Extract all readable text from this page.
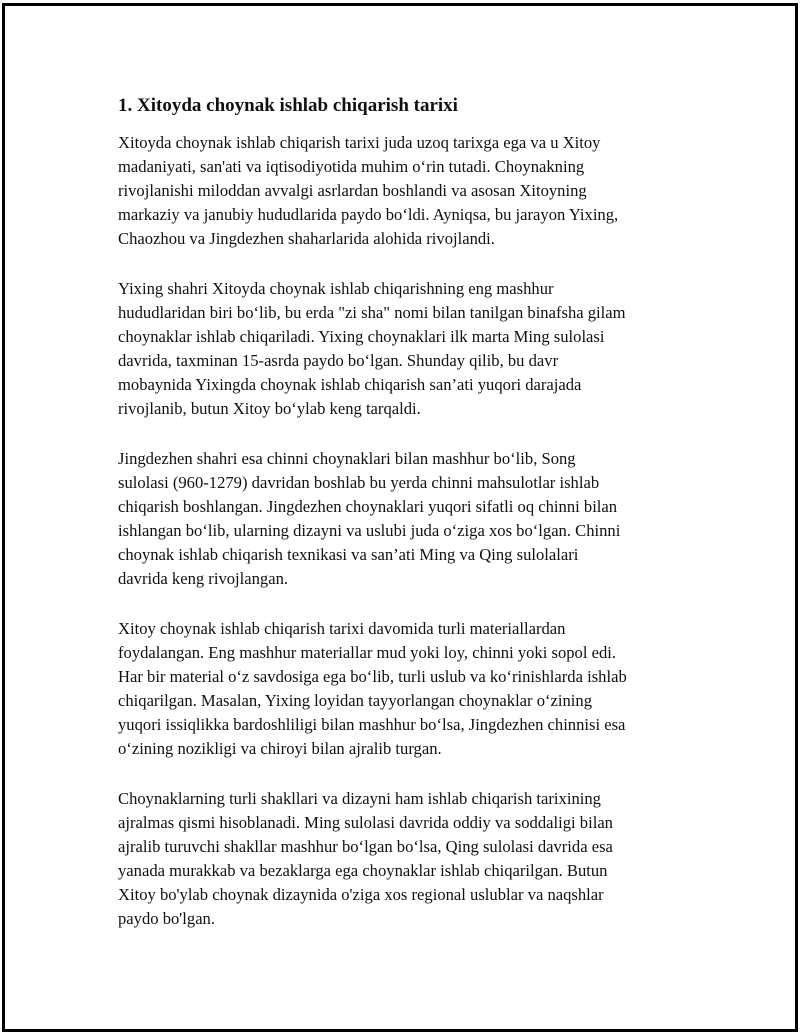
1. Xitoyda choynak ishlab chiqarish tarixi

Xitoyda choynak ishlab chiqarish tarixi juda uzoq tarixga ega va u Xitoy
madaniyati, san'ati va iqtisodiyotida muhim o‘rin tutadi. Choynakning
rivojlanishi miloddan avvalgi asrlardan boshlandi va asosan Xitoyning
markaziy va janubiy hududlarida paydo bo‘ldi. Ayniqsa, bu jarayon Yixing,
Chaozhou va Jingdezhen shaharlarida alohida rivojlandi.

Yixing shahri Xitoyda choynak ishlab chiqarishning eng mashhur
hududlaridan biri bo‘lib, bu erda "zi sha" nomi bilan tanilgan binafsha gilam
choynaklar ishlab chiqariladi. Yixing choynaklari ilk marta Ming sulolasi
davrida, taxminan 15-asrda paydo bo‘lgan. Shunday qilib, bu davr
mobaynida Yixingda choynak ishlab chiqarish san’ati yuqori darajada
rivojlanib, butun Xitoy bo‘ylab keng tarqaldi.

Jingdezhen shahri esa chinni choynaklari bilan mashhur bo‘lib, Song
sulolasi (960-1279) davridan boshlab bu yerda chinni mahsulotlar ishlab
chiqarish boshlangan. Jingdezhen choynaklari yuqori sifatli oq chinni bilan
ishlangan bo‘lib, ularning dizayni va uslubi juda o‘ziga xos bo‘lgan. Chinni
choynak ishlab chiqarish texnikasi va san’ati Ming va Qing sulolalari
davrida keng rivojlangan.

Xitoy choynak ishlab chiqarish tarixi davomida turli materiallardan
foydalangan. Eng mashhur materiallar mud yoki loy, chinni yoki sopol edi.
Har bir material o‘z savdosiga ega bo‘lib, turli uslub va ko‘rinishlarda ishlab
chiqarilgan. Masalan, Yixing loyidan tayyorlangan choynaklar o‘zining
yuqori issiqlikka bardoshliligi bilan mashhur bo‘lsa, Jingdezhen chinnisi esa
o‘zining nozikligi va chiroyi bilan ajralib turgan.

Choynaklarning turli shakllari va dizayni ham ishlab chiqarish tarixining
ajralmas qismi hisoblanadi. Ming sulolasi davrida oddiy va soddaligi bilan
ajralib turuvchi shakllar mashhur bo‘lgan bo‘lsa, Qing sulolasi davrida esa
yanada murakkab va bezaklarga ega choynaklar ishlab chiqarilgan. Butun
Xitoy bo'ylab choynak dizaynida o'ziga xos regional uslublar va naqshlar
paydo bo'lgan.
